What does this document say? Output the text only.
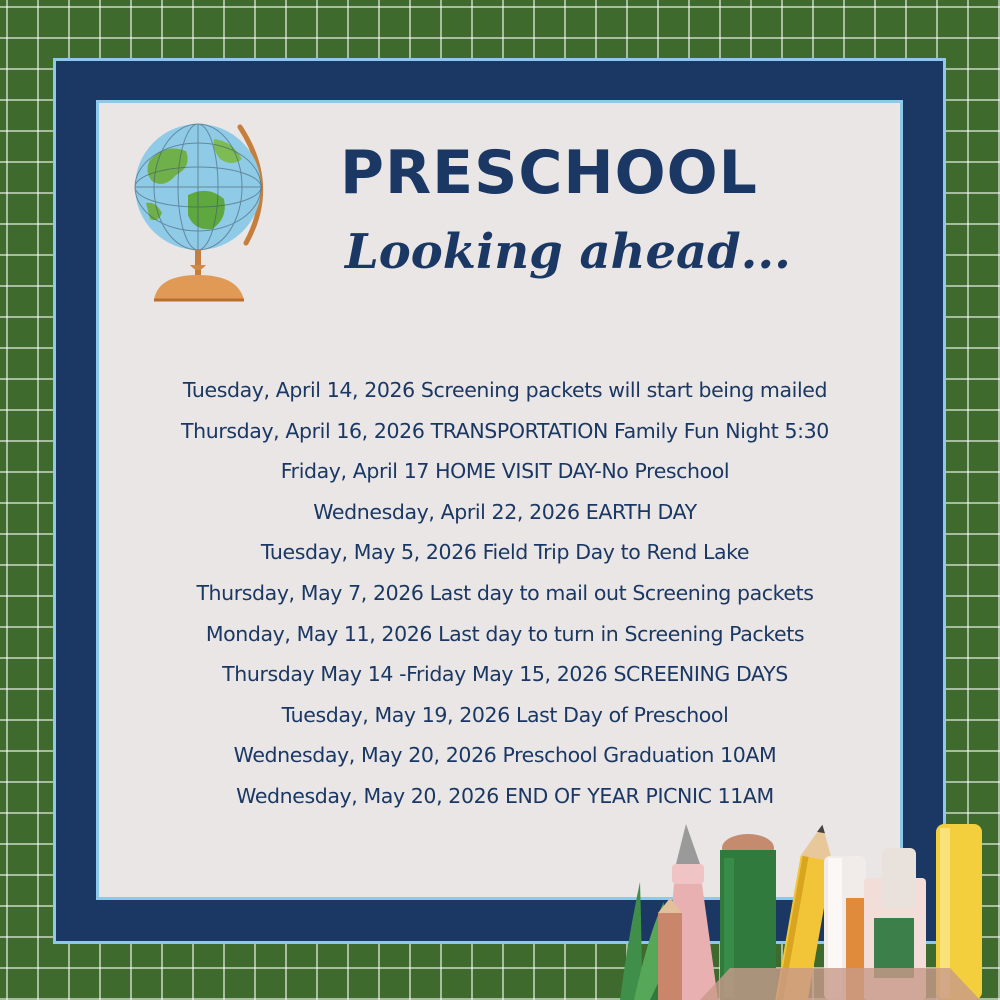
PRESCHOOL
Looking ahead...
Tuesday, April 14, 2026 Screening packets will start being mailed
Thursday, April 16, 2026 TRANSPORTATION Family Fun Night 5:30
Friday, April 17 HOME VISIT DAY-No Preschool
Wednesday, April 22, 2026 EARTH DAY
Tuesday, May 5, 2026 Field Trip Day to Rend Lake
Thursday, May 7, 2026 Last day to mail out Screening packets
Monday, May 11, 2026 Last day to turn in Screening Packets
Thursday May 14 -Friday May 15, 2026 SCREENING DAYS
Tuesday, May 19, 2026 Last Day of Preschool
Wednesday, May 20, 2026 Preschool Graduation 10AM
Wednesday, May 20, 2026 END OF YEAR PICNIC 11AM
